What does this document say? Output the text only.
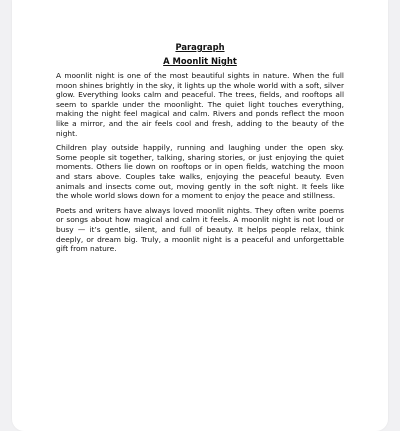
Paragraph
A Moonlit Night

A moonlit night is one of the most beautiful sights in nature. When the full moon shines brightly in the sky, it lights up the whole world with a soft, silver glow. Everything looks calm and peaceful. The trees, fields, and rooftops all seem to sparkle under the moonlight. The quiet light touches everything, making the night feel magical and calm. Rivers and ponds reflect the moon like a mirror, and the air feels cool and fresh, adding to the beauty of the night.

Children play outside happily, running and laughing under the open sky. Some people sit together, talking, sharing stories, or just enjoying the quiet moments. Others lie down on rooftops or in open fields, watching the moon and stars above. Couples take walks, enjoying the peaceful beauty. Even animals and insects come out, moving gently in the soft night. It feels like the whole world slows down for a moment to enjoy the peace and stillness.

Poets and writers have always loved moonlit nights. They often write poems or songs about how magical and calm it feels. A moonlit night is not loud or busy — it’s gentle, silent, and full of beauty. It helps people relax, think deeply, or dream big. Truly, a moonlit night is a peaceful and unforgettable gift from nature.
